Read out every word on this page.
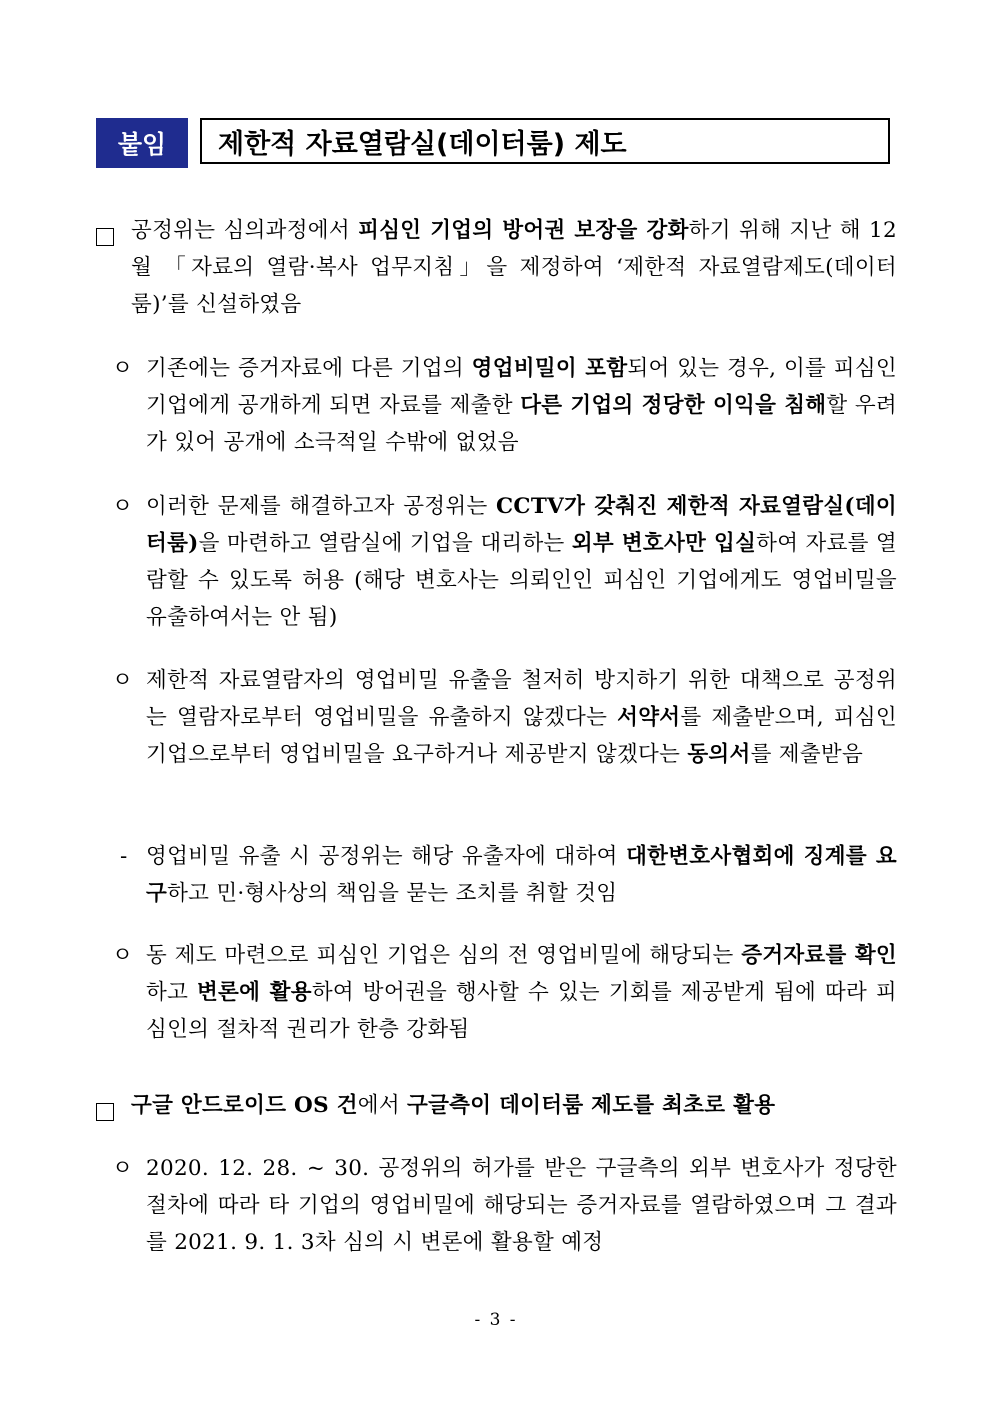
붙임	제한적 자료열람실(데이터룸) 제도
공정위는 심의과정에서 피심인 기업의 방어권 보장을 강화하기 위해 지난 해 12월 「자료의 열람·복사 업무지침」을 제정하여 ‘제한적 자료열람제도(데이터룸)’를 신설하였음
ㅇ 기존에는 증거자료에 다른 기업의 영업비밀이 포함되어 있는 경우, 이를 피심인 기업에게 공개하게 되면 자료를 제출한 다른 기업의 정당한 이익을 침해할 우려가 있어 공개에 소극적일 수밖에 없었음
ㅇ 이러한 문제를 해결하고자 공정위는 CCTV가 갖춰진 제한적 자료열람실(데이터룸)을 마련하고 열람실에 기업을 대리하는 외부 변호사만 입실하여 자료를 열람할 수 있도록 허용 (해당 변호사는 의뢰인인 피심인 기업에게도 영업비밀을 유출하여서는 안 됨)
ㅇ 제한적 자료열람자의 영업비밀 유출을 철저히 방지하기 위한 대책으로 공정위는 열람자로부터 영업비밀을 유출하지 않겠다는 서약서를 제출받으며, 피심인 기업으로부터 영업비밀을 요구하거나 제공받지 않겠다는 동의서를 제출받음
- 영업비밀 유출 시 공정위는 해당 유출자에 대하여 대한변호사협회에 징계를 요구하고 민·형사상의 책임을 묻는 조치를 취할 것임
ㅇ 동 제도 마련으로 피심인 기업은 심의 전 영업비밀에 해당되는 증거자료를 확인하고 변론에 활용하여 방어권을 행사할 수 있는 기회를 제공받게 됨에 따라 피심인의 절차적 권리가 한층 강화됨
구글 안드로이드 OS 건에서 구글측이 데이터룸 제도를 최초로 활용
ㅇ 2020. 12. 28. ~ 30. 공정위의 허가를 받은 구글측의 외부 변호사가 정당한 절차에 따라 타 기업의 영업비밀에 해당되는 증거자료를 열람하였으며 그 결과를 2021. 9. 1. 3차 심의 시 변론에 활용할 예정
- 3 -
